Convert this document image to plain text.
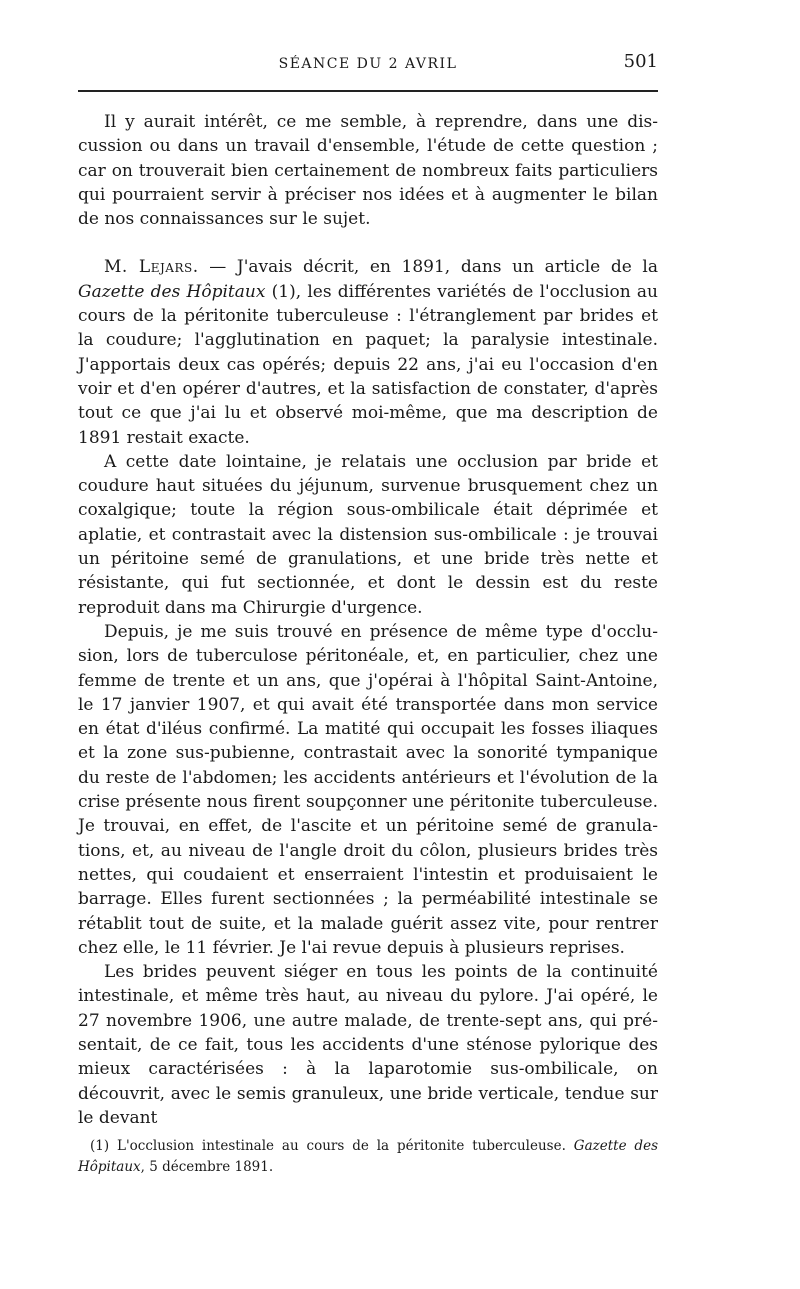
SÉANCE DU 2 AVRIL	501

Il y aurait intérêt, ce me semble, à reprendre, dans une discussion ou dans un travail d'ensemble, l'étude de cette question ; car on trouverait bien certainement de nombreux faits particuliers qui pourraient servir à préciser nos idées et à augmenter le bilan de nos connaissances sur le sujet.

M. Lejars. — J'avais décrit, en 1891, dans un article de la Gazette des Hôpitaux (1), les différentes variétés de l'occlusion au cours de la péritonite tuberculeuse : l'étranglement par brides et la coudure; l'agglutination en paquet; la paralysie intestinale. J'apportais deux cas opérés; depuis 22 ans, j'ai eu l'occasion d'en voir et d'en opérer d'autres, et la satisfaction de constater, d'après tout ce que j'ai lu et observé moi-même, que ma description de 1891 restait exacte.

A cette date lointaine, je relatais une occlusion par bride et coudure haut situées du jéjunum, survenue brusquement chez un coxalgique; toute la région sous-ombilicale était déprimée et aplatie, et contrastait avec la distension sus-ombilicale : je trouvai un péritoine semé de granulations, et une bride très nette et résistante, qui fut sectionnée, et dont le dessin est du reste reproduit dans ma Chirurgie d'urgence.

Depuis, je me suis trouvé en présence de même type d'occlusion, lors de tuberculose péritonéale, et, en particulier, chez une femme de trente et un ans, que j'opérai à l'hôpital Saint-Antoine, le 17 janvier 1907, et qui avait été transportée dans mon service en état d'iléus confirmé. La matité qui occupait les fosses iliaques et la zone sus-pubienne, contrastait avec la sonorité tympanique du reste de l'abdomen; les accidents antérieurs et l'évolution de la crise présente nous firent soupçonner une péritonite tuberculeuse. Je trouvai, en effet, de l'ascite et un péritoine semé de granulations, et, au niveau de l'angle droit du côlon, plusieurs brides très nettes, qui coudaient et enserraient l'intestin et produisaient le barrage. Elles furent sectionnées ; la perméabilité intestinale se rétablit tout de suite, et la malade guérit assez vite, pour rentrer chez elle, le 11 février. Je l'ai revue depuis à plusieurs reprises.

Les brides peuvent siéger en tous les points de la continuité intestinale, et même très haut, au niveau du pylore. J'ai opéré, le 27 novembre 1906, une autre malade, de trente-sept ans, qui présentait, de ce fait, tous les accidents d'une sténose pylorique des mieux caractérisées : à la laparotomie sus-ombilicale, on découvrit, avec le semis granuleux, une bride verticale, tendue sur le devant

(1) L'occlusion intestinale au cours de la péritonite tuberculeuse. Gazette des Hôpitaux, 5 décembre 1891.
